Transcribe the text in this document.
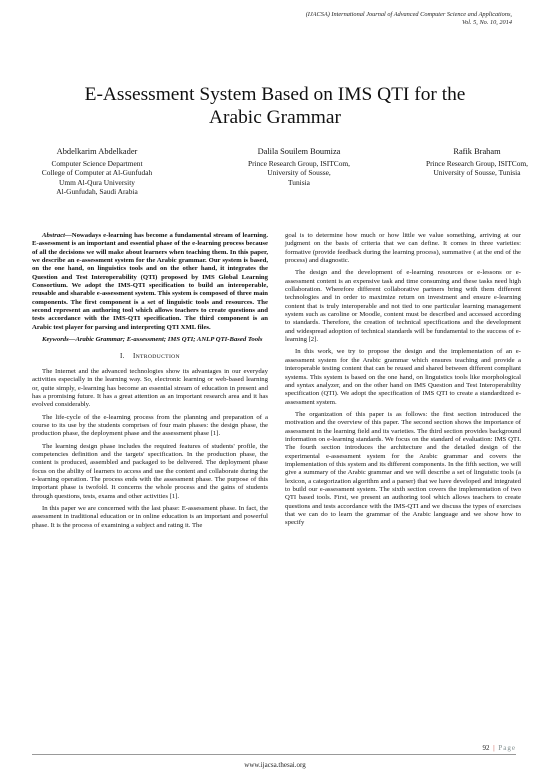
(IJACSA) International Journal of Advanced Computer Science and Applications,
Vol. 5, No. 10, 2014
E-Assessment System Based on IMS QTI for the
Arabic Grammar
Abdelkarim Abdelkader
Computer Science Department
College of Computer at Al-Gunfudah
Umm Al-Qura University
Al-Gunfudah, Saudi Arabia
Dalila Souilem Boumiza
Prince Research Group, ISITCom,
University of Sousse,
Tunisia
Rafik Braham
Prince Research Group, ISITCom,
University of Sousse, Tunisia

Abstract—Nowadays e-learning has become a fundamental stream of learning. E-assessment is an important and essential phase of the e-learning process because of all the decisions we will make about learners when teaching them. In this paper, we describe an e-assessment system for the Arabic grammar. Our system is based, on the one hand, on linguistics tools and on the other hand, it integrates the Question and Test Interoperability (QTI) proposed by IMS Global Learning Consortium. We adopt the IMS-QTI specification to build an interoperable, reusable and sharable e-assessment system. This system is composed of three main components. The first component is a set of linguistic tools and resources. The second represent an authoring tool which allows teachers to create questions and tests accordance with the IMS-QTI specification. The third component is an Arabic test player for parsing and interpreting QTI XML files.

Keywords—Arabic Grammar; E-assessment; IMS QTI; ANLP QTI-Based Tools

I. INTRODUCTION

The Internet and the advanced technologies show its advantages in our everyday activities especially in the learning way. So, electronic learning or web-based learning or, quite simply, e-learning has become an essential stream of education in present and has a promising future. It has a great attention as an important research area and it has evolved considerably.

The life-cycle of the e-learning process from the planning and preparation of a course to its use by the students comprises of four main phases: the design phase, the production phase, the deployment phase and the assessment phase [1].

The learning design phase includes the required features of students' profile, the competencies definition and the targets' specification. In the production phase, the content is produced, assembled and packaged to be delivered. The deployment phase focus on the ability of learners to access and use the content and collaborate during the e-learning operation. The process ends with the assessment phase. The purpose of this important phase is twofold. It concerns the whole process and the gains of students through questions, tests, exams and other activities [1].

In this paper we are concerned with the last phase: E-assessment phase. In fact, the assessment in traditional education or in online education is an important and powerful phase. It is the process of examining a subject and rating it. The

goal is to determine how much or how little we value something, arriving at our judgment on the basis of criteria that we can define. It comes in three varieties: formative (provide feedback during the learning process), summative ( at the end of the process) and diagnostic.

The design and the development of e-learning resources or e-lessons or e-assessment content is an expensive task and time consuming and these tasks need high collaboration. Wherefore different collaborative partners bring with them different technologies and in order to maximize return on investment and ensure e-learning content that is truly interoperable and not tied to one particular learning management system such as caroline or Moodle, content must be described and accessed according to standards. Therefore, the creation of technical specifications and the development and widespread adoption of technical standards will be fundamental to the success of e-learning [2].

In this work, we try to propose the design and the implementation of an e-assessment system for the Arabic grammar which ensures teaching and provide a interoperable testing content that can be reused and shared between different compliant systems. This system is based on the one hand, on linguistics tools like morphological and syntax analyzer, and on the other hand on IMS Question and Test Interoperability specification (QTI). We adopt the specification of IMS QTI to create a standardized e-assessment system.

The organization of this paper is as follows: the first section introduced the motivation and the overview of this paper. The second section shows the importance of assessment in the learning field and its varieties. The third section provides background information on e-learning standards. We focus on the standard of evaluation: IMS QTI. The fourth section introduces the architecture and the detailed design of the experimental e-assessment system for the Arabic grammar and covers the implementation of this system and its different components. In the fifth section, we will give a summary of the Arabic grammar and we will describe a set of linguistic tools (a lexicon, a categorization algorithm and a parser) that we have developed and integrated to build our e-assessment system. The sixth section covers the implementation of two QTI based tools. First, we present an authoring tool which allows teachers to create questions and tests accordance with the IMS-QTI and we discuss the types of exercises that we can do to learn the grammar of the Arabic language and we show how to specify

92 | Page
www.ijacsa.thesai.org
